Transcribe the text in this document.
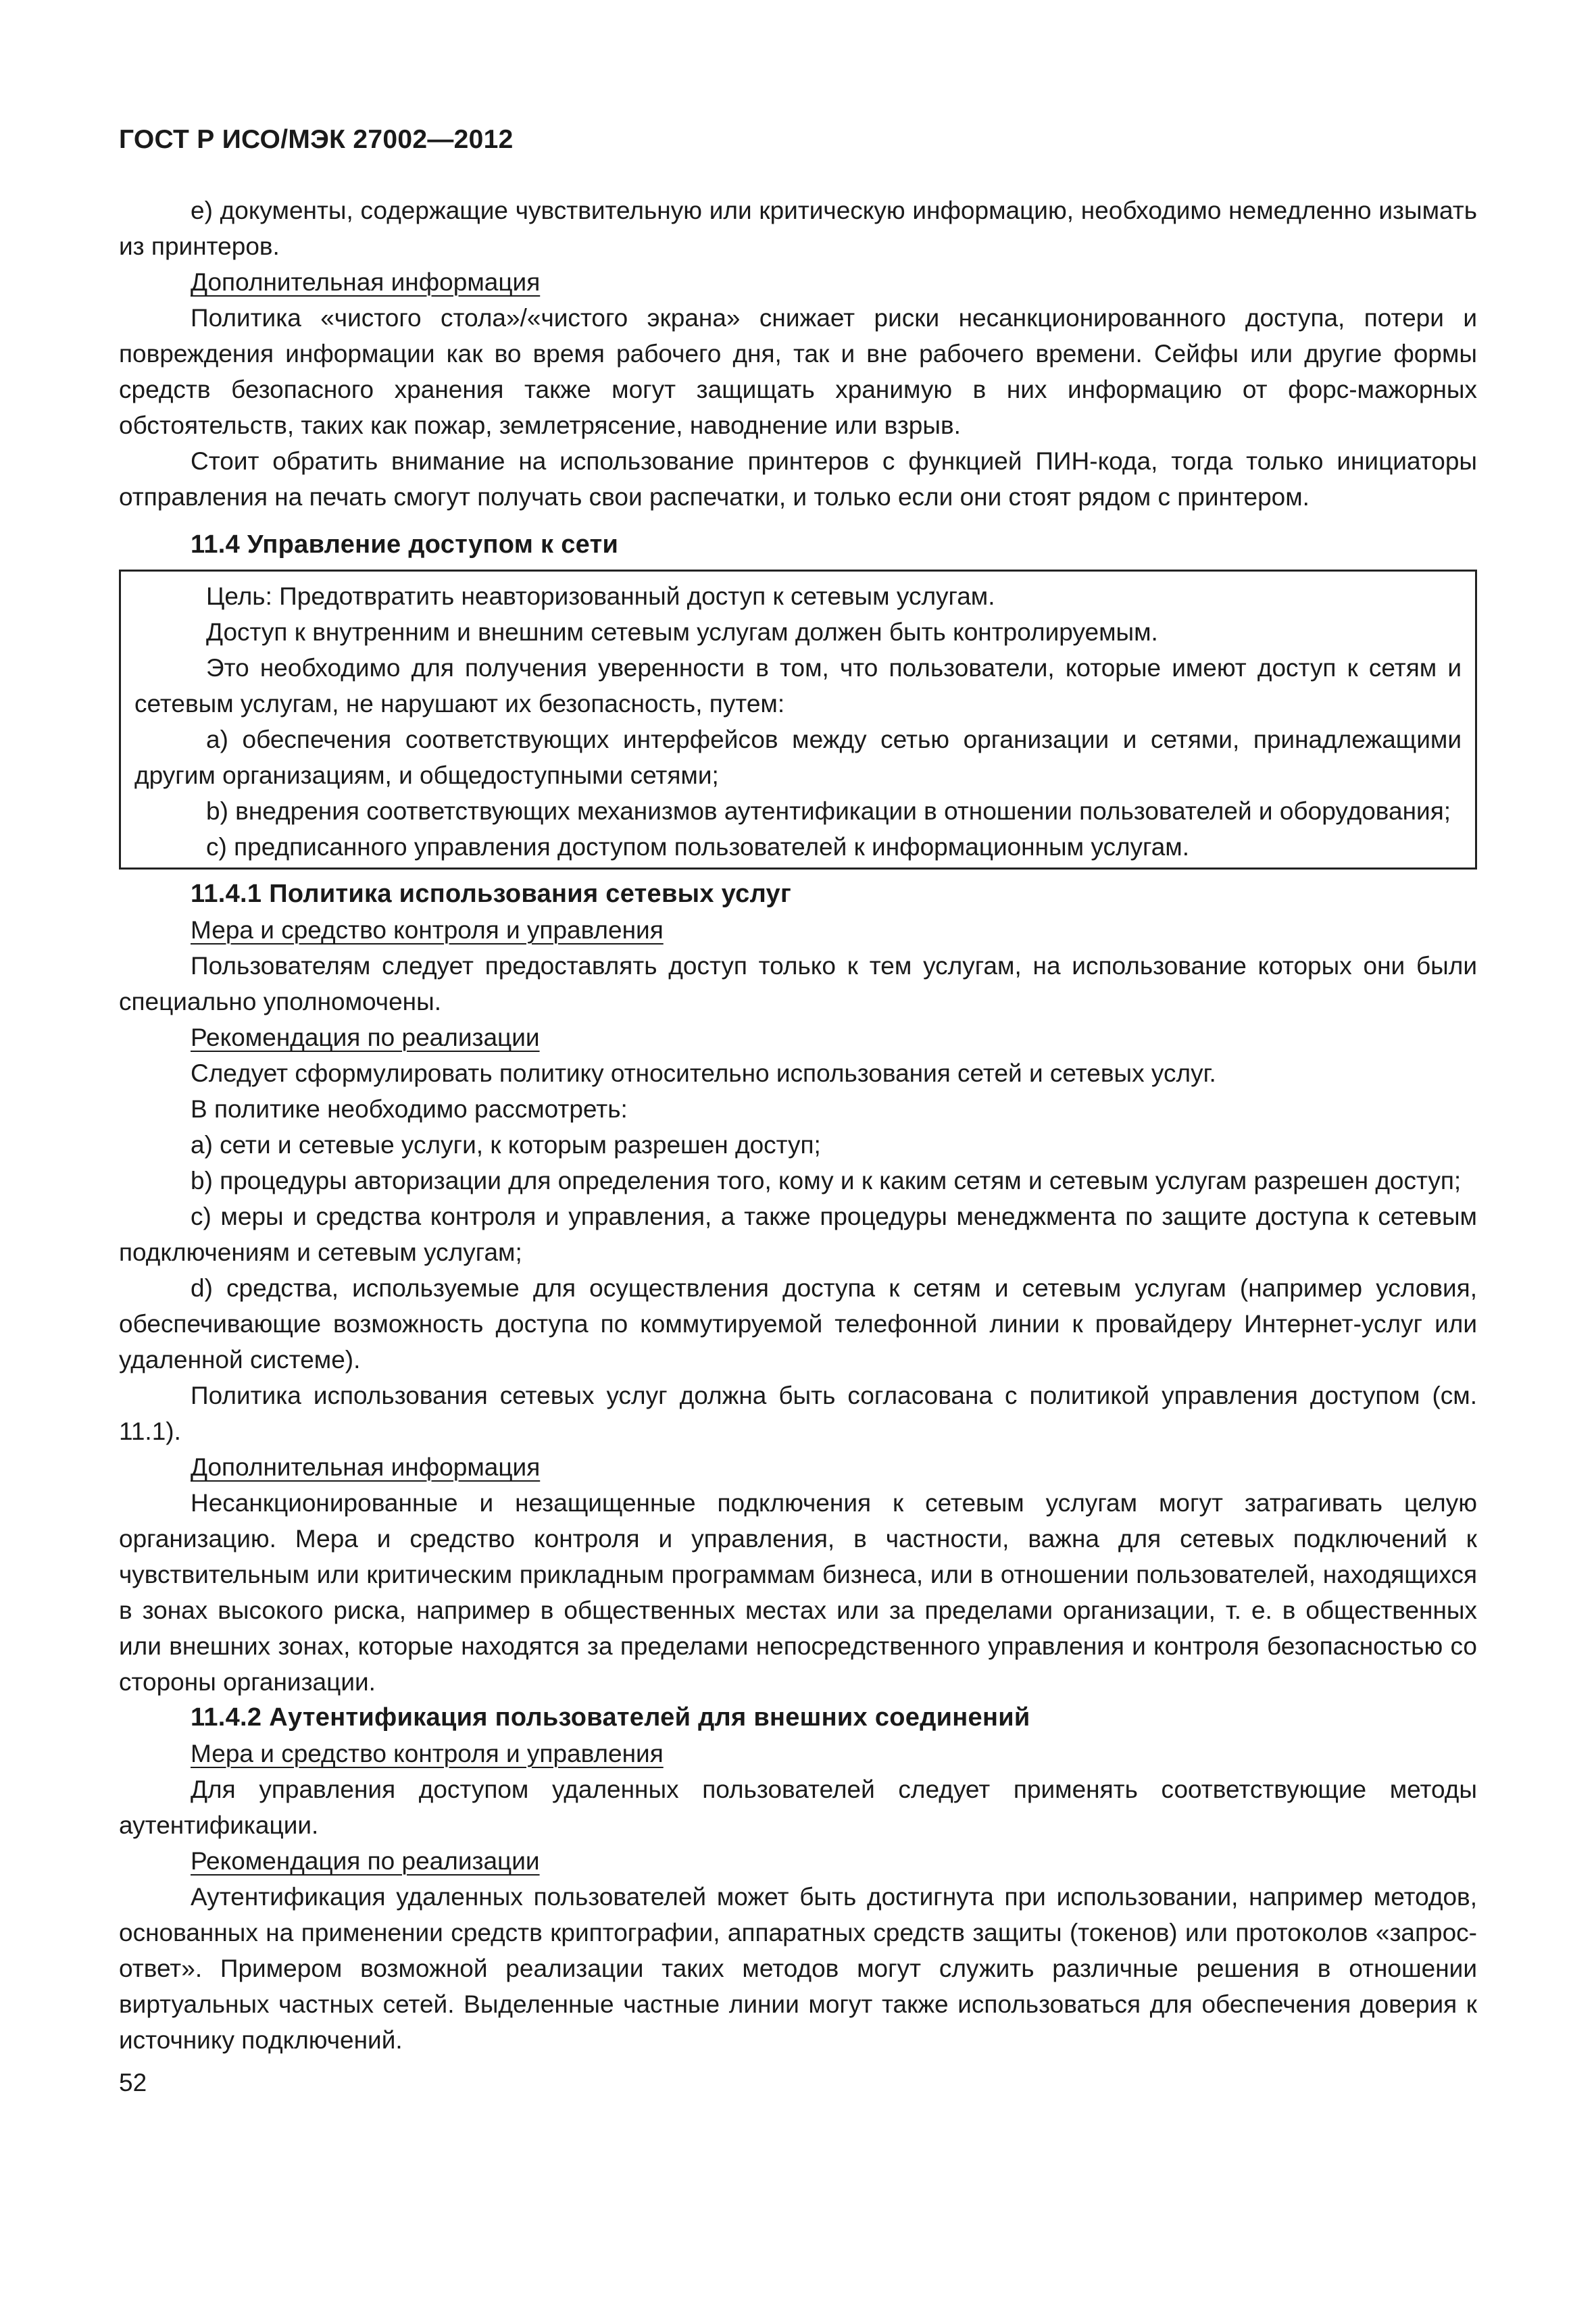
ГОСТ Р ИСО/МЭК 27002—2012

e) документы, содержащие чувствительную или критическую информацию, необходимо немедленно изымать из принтеров.

Дополнительная информация

Политика «чистого стола»/«чистого экрана» снижает риски несанкционированного доступа, потери и повреждения информации как во время рабочего дня, так и вне рабочего времени. Сейфы или другие формы средств безопасного хранения также могут защищать хранимую в них информацию от форс-мажорных обстоятельств, таких как пожар, землетрясение, наводнение или взрыв.

Стоит обратить внимание на использование принтеров с функцией ПИН-кода, тогда только инициаторы отправления на печать смогут получать свои распечатки, и только если они стоят рядом с принтером.

11.4 Управление доступом к сети

Цель: Предотвратить неавторизованный доступ к сетевым услугам.

Доступ к внутренним и внешним сетевым услугам должен быть контролируемым.

Это необходимо для получения уверенности в том, что пользователи, которые имеют доступ к сетям и сетевым услугам, не нарушают их безопасность, путем:

a) обеспечения соответствующих интерфейсов между сетью организации и сетями, принадлежащими другим организациям, и общедоступными сетями;

b) внедрения соответствующих механизмов аутентификации в отношении пользователей и оборудования;

c) предписанного управления доступом пользователей к информационным услугам.

11.4.1 Политика использования сетевых услуг

Мера и средство контроля и управления

Пользователям следует предоставлять доступ только к тем услугам, на использование которых они были специально уполномочены.

Рекомендация по реализации

Следует сформулировать политику относительно использования сетей и сетевых услуг.

В политике необходимо рассмотреть:

a) сети и сетевые услуги, к которым разрешен доступ;

b) процедуры авторизации для определения того, кому и к каким сетям и сетевым услугам разрешен доступ;

c) меры и средства контроля и управления, а также процедуры менеджмента по защите доступа к сетевым подключениям и сетевым услугам;

d) средства, используемые для осуществления доступа к сетям и сетевым услугам (например условия, обеспечивающие возможность доступа по коммутируемой телефонной линии к провайдеру Интернет-услуг или удаленной системе).

Политика использования сетевых услуг должна быть согласована с политикой управления доступом (см. 11.1).

Дополнительная информация

Несанкционированные и незащищенные подключения к сетевым услугам могут затрагивать целую организацию. Мера и средство контроля и управления, в частности, важна для сетевых подключений к чувствительным или критическим прикладным программам бизнеса, или в отношении пользователей, находящихся в зонах высокого риска, например в общественных местах или за пределами организации, т. е. в общественных или внешних зонах, которые находятся за пределами непосредственного управления и контроля безопасностью со стороны организации.

11.4.2 Аутентификация пользователей для внешних соединений

Мера и средство контроля и управления

Для управления доступом удаленных пользователей следует применять соответствующие методы аутентификации.

Рекомендация по реализации

Аутентификация удаленных пользователей может быть достигнута при использовании, например методов, основанных на применении средств криптографии, аппаратных средств защиты (токенов) или протоколов «запрос-ответ». Примером возможной реализации таких методов могут служить различные решения в отношении виртуальных частных сетей. Выделенные частные линии могут также использоваться для обеспечения доверия к источнику подключений.

52
